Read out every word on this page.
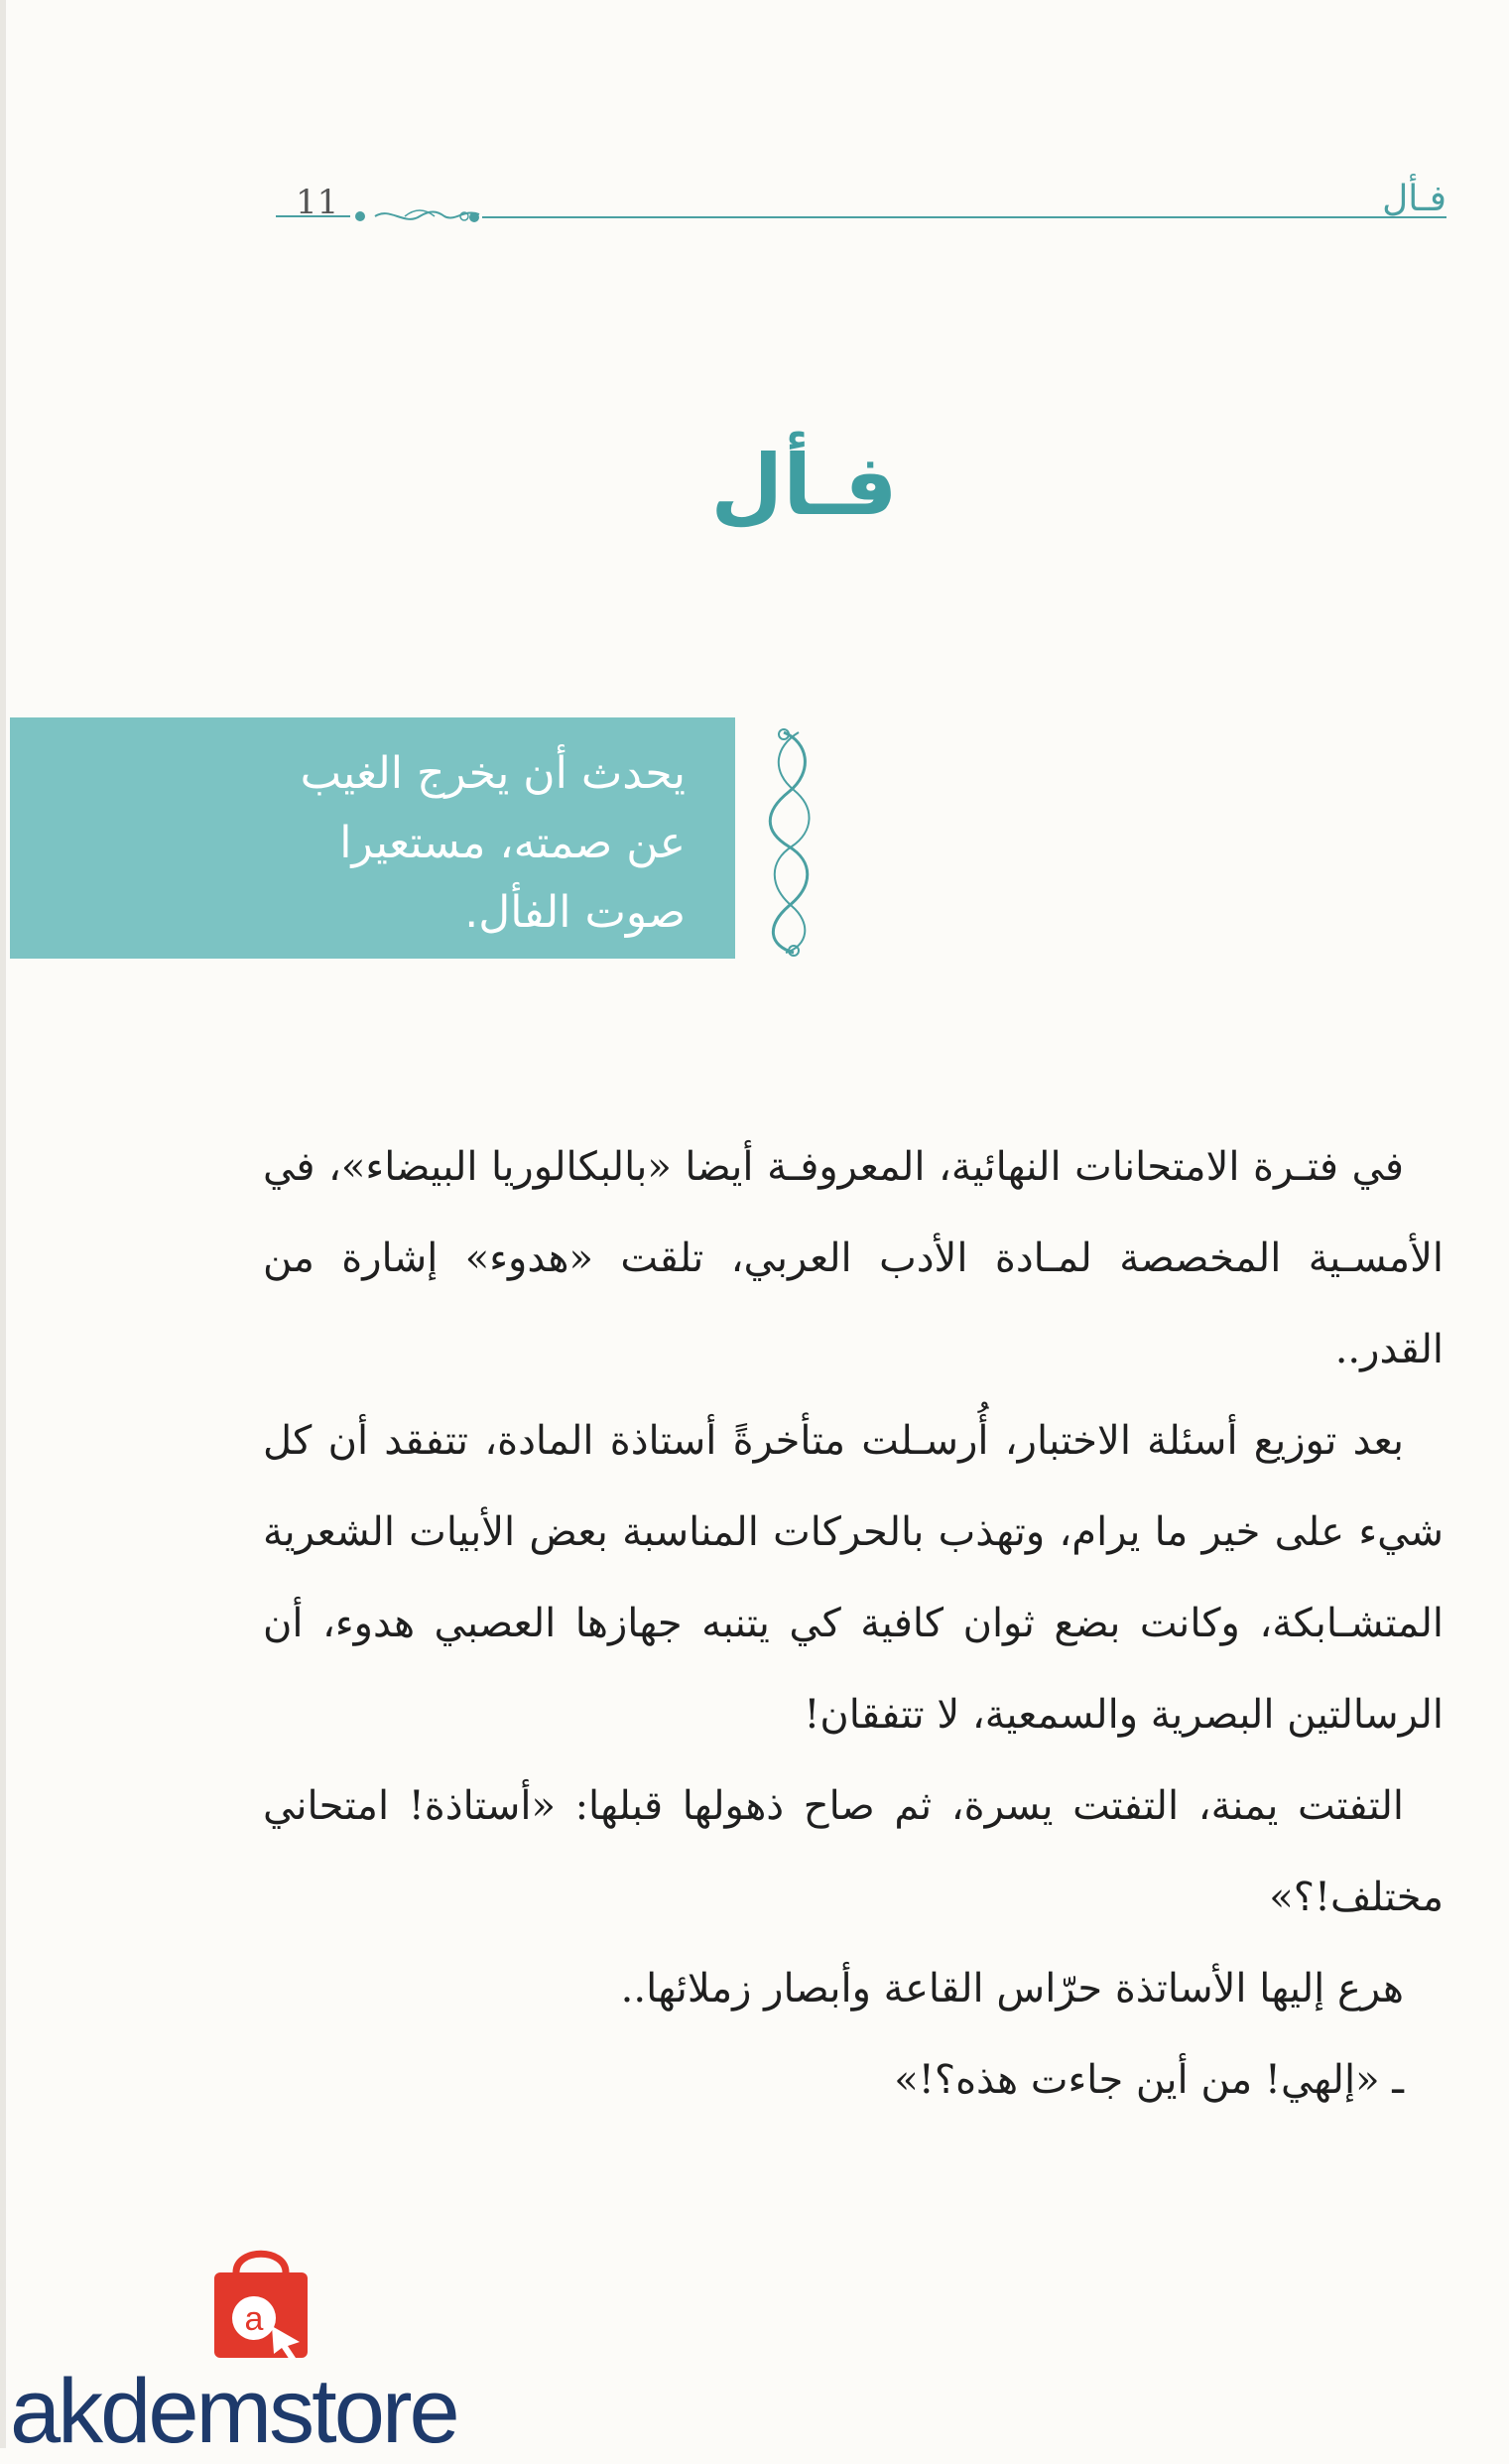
فـأل
11
فـأل
يحدث أن يخرج الغيب
عن صمته، مستعيرا
صوت الفأل.

في فتـرة الامتحانات النهائية، المعروفـة أيضا «بالبكالوريا البيضاء»، في الأمسـية المخصصة لمـادة الأدب العربي، تلقت «هدوء» إشارة من القدر..

بعد توزيع أسئلة الاختبار، أُرسـلت متأخرةً أستاذة المادة، تتفقد أن كل شيء على خير ما يرام، وتهذب بالحركات المناسبة بعض الأبيات الشعرية المتشـابكة، وكانت بضع ثوان كافية كي يتنبه جهازها العصبي هدوء، أن الرسالتين البصرية والسمعية، لا تتفقان!

التفتت يمنة، التفتت يسرة، ثم صاح ذهولها قبلها: «أستاذة! امتحاني مختلف!؟»

هرع إليها الأساتذة حرّاس القاعة وأبصار زملائها..

ـ «إلهي! من أين جاءت هذه؟!»

a
akdemstore
